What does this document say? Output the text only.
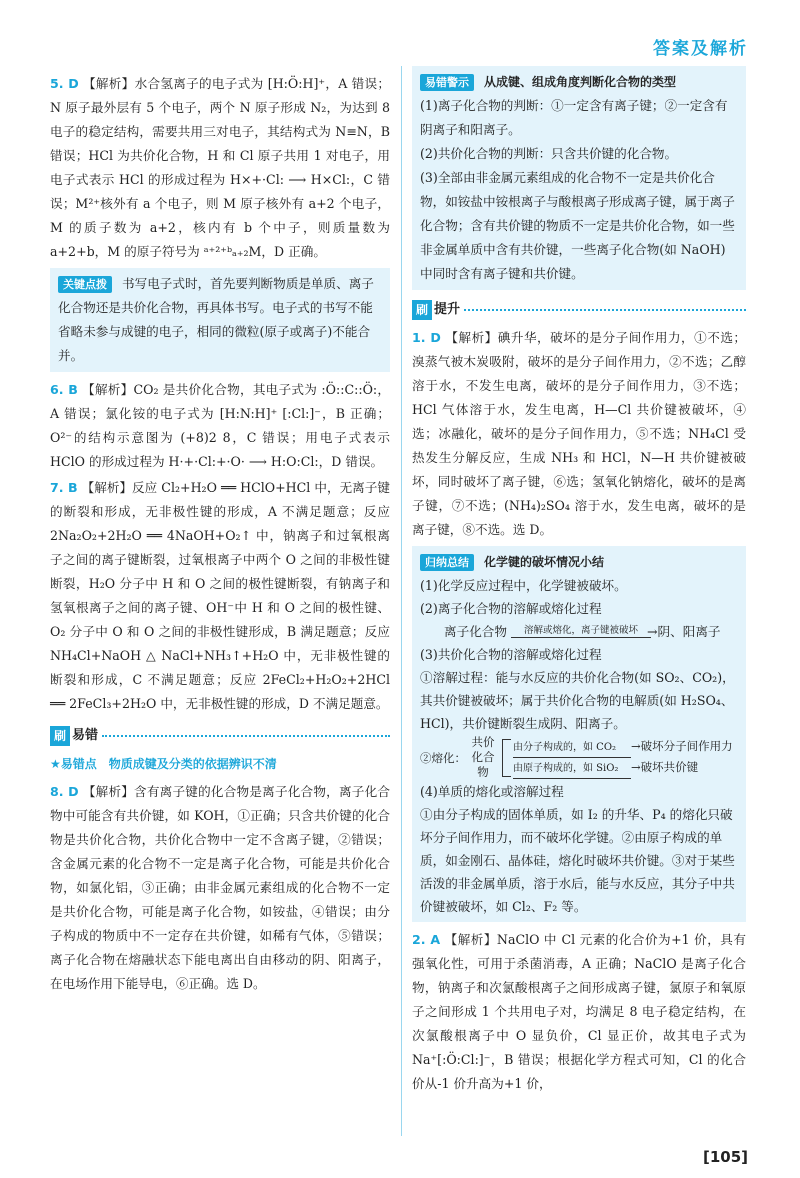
答案及解析
5. D 【解析】水合氢离子的电子式为 [H:Ö:H]⁺，A 错误；N 原子最外层有 5 个电子，两个 N 原子形成 N₂，为达到 8 电子的稳定结构，需要共用三对电子，其结构式为 N≡N，B 错误；HCl 为共价化合物，H 和 Cl 原子共用 1 对电子，用电子式表示 HCl 的形成过程为 H×+·Cl: ⟶ H×Cl:，C 错误；M²⁺核外有 a 个电子，则 M 原子核外有 a+2 个电子，M 的质子数为 a+2，核内有 b 个中子，则质量数为 a+2+b，M 的原子符号为 ᵃ⁺²⁺ᵇₐ₊₂M，D 正确。
关键点拨 书写电子式时，首先要判断物质是单质、离子化合物还是共价化合物，再具体书写。电子式的书写不能省略未参与成键的电子，相同的微粒(原子或离子)不能合并。
6. B 【解析】CO₂ 是共价化合物，其电子式为 :Ö::C::Ö:，A 错误；氯化铵的电子式为 [H:N:H]⁺ [:Cl:]⁻，B 正确；O²⁻的结构示意图为 (+8)2 8，C 错误；用电子式表示 HClO 的形成过程为 H·+·Cl:+·O· ⟶ H:O:Cl:，D 错误。
7. B 【解析】反应 Cl₂+H₂O ══ HClO+HCl 中，无离子键的断裂和形成，无非极性键的形成，A 不满足题意；反应 2Na₂O₂+2H₂O ══ 4NaOH+O₂↑ 中，钠离子和过氧根离子之间的离子键断裂，过氧根离子中两个 O 之间的非极性键断裂，H₂O 分子中 H 和 O 之间的极性键断裂，有钠离子和氢氧根离子之间的离子键、OH⁻中 H 和 O 之间的极性键、O₂ 分子中 O 和 O 之间的非极性键形成，B 满足题意；反应 NH₄Cl+NaOH △ NaCl+NH₃↑+H₂O 中，无非极性键的断裂和形成，C 不满足题意；反应 2FeCl₂+H₂O₂+2HCl ══ 2FeCl₃+2H₂O 中，无非极性键的形成，D 不满足题意。
刷 易错
★易错点　物质成键及分类的依据辨识不清
8. D 【解析】含有离子键的化合物是离子化合物，离子化合物中可能含有共价键，如 KOH，①正确；只含共价键的化合物是共价化合物，共价化合物中一定不含离子键，②错误；含金属元素的化合物不一定是离子化合物，可能是共价化合物，如氯化铝，③正确；由非金属元素组成的化合物不一定是共价化合物，可能是离子化合物，如铵盐，④错误；由分子构成的物质中不一定存在共价键，如稀有气体，⑤错误；离子化合物在熔融状态下能电离出自由移动的阴、阳离子，在电场作用下能导电，⑥正确。选 D。
易错警示 从成键、组成角度判断化合物的类型
(1)离子化合物的判断：①一定含有离子键；②一定含有阴离子和阳离子。
(2)共价化合物的判断：只含共价键的化合物。
(3)全部由非金属元素组成的化合物不一定是共价化合物，如铵盐中铵根离子与酸根离子形成离子键，属于离子化合物；含有共价键的物质不一定是共价化合物，如一些非金属单质中含有共价键，一些离子化合物(如 NaOH)中同时含有离子键和共价键。
刷 提升
1. D 【解析】碘升华，破坏的是分子间作用力，①不选；溴蒸气被木炭吸附，破坏的是分子间作用力，②不选；乙醇溶于水，不发生电离，破坏的是分子间作用力，③不选；HCl 气体溶于水，发生电离，H—Cl 共价键被破坏，④选；冰融化，破坏的是分子间作用力，⑤不选；NH₄Cl 受热发生分解反应，生成 NH₃ 和 HCl，N—H 共价键被破坏，同时破坏了离子键，⑥选；氢氧化钠熔化，破坏的是离子键，⑦不选；(NH₄)₂SO₄ 溶于水，发生电离，破坏的是离子键，⑧不选。选 D。
归纳总结 化学键的破坏情况小结
(1)化学反应过程中，化学键被破坏。
(2)离子化合物的溶解或熔化过程
离子化合物	溶解或熔化，离子键被破坏 → 阴、阳离子
(3)共价化合物的溶解或熔化过程
①溶解过程：能与水反应的共价化合物(如 SO₂、CO₂)，其共价键被破坏；属于共价化合物的电解质(如 H₂SO₄、HCl)，共价键断裂生成阴、阳离子。
②熔化：
共价化合物
由分子构成的，如 CO₂ →破坏分子间作用力
由原子构成的，如 SiO₂ →破坏共价键
(4)单质的熔化或溶解过程
①由分子构成的固体单质，如 I₂ 的升华、P₄ 的熔化只破坏分子间作用力，而不破坏化学键。②由原子构成的单质，如金刚石、晶体硅，熔化时破坏共价键。③对于某些活泼的非金属单质，溶于水后，能与水反应，其分子中共价键被破坏，如 Cl₂、F₂ 等。
2. A 【解析】NaClO 中 Cl 元素的化合价为+1 价，具有强氧化性，可用于杀菌消毒，A 正确；NaClO 是离子化合物，钠离子和次氯酸根离子之间形成离子键，氯原子和氧原子之间形成 1 个共用电子对，均满足 8 电子稳定结构，在次氯酸根离子中 O 显负价，Cl 显正价，故其电子式为 Na⁺[:Ö:Cl:]⁻，B 错误；根据化学方程式可知，Cl 的化合价从-1 价升高为+1 价，
[105]
